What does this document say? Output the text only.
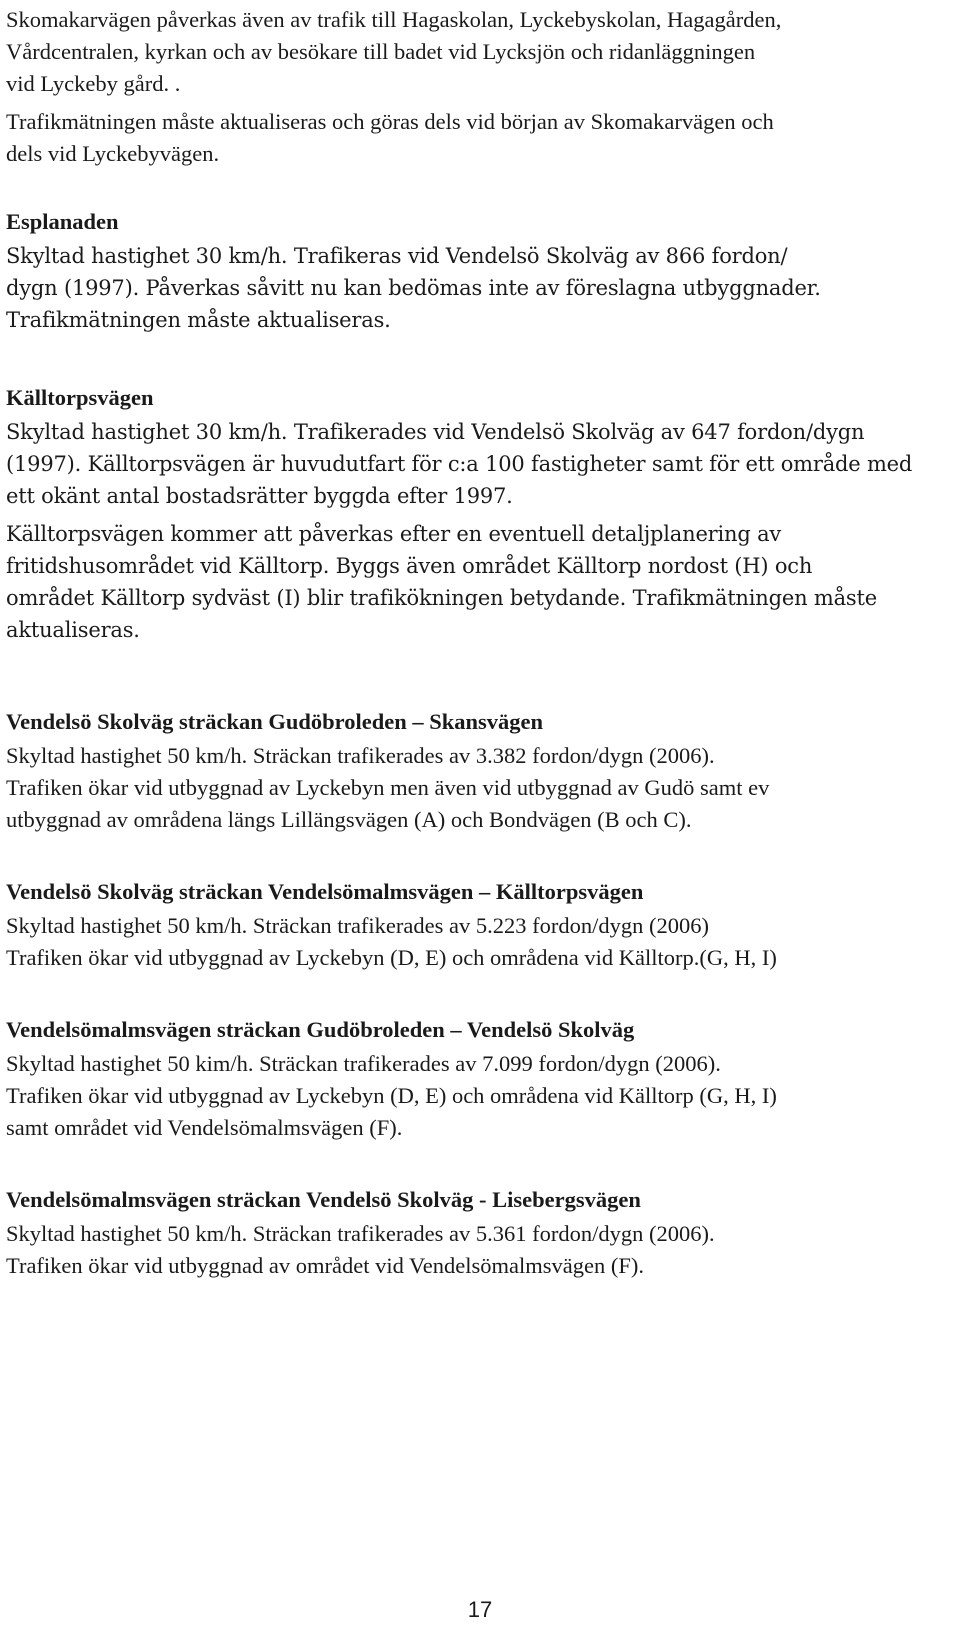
Skomakarvägen påverkas även av trafik till Hagaskolan, Lyckebyskolan, Hagagården,
Vårdcentralen, kyrkan och av besökare till badet vid Lycksjön och ridanläggningen
vid Lyckeby gård. .
Trafikmätningen måste aktualiseras och göras dels vid början av Skomakarvägen och
dels vid Lyckebyvägen.
Esplanaden
Skyltad hastighet 30 km/h. Trafikeras vid Vendelsö Skolväg av 866 fordon/
dygn (1997). Påverkas såvitt nu kan bedömas inte av föreslagna utbyggnader.
Trafikmätningen måste aktualiseras.
Källtorpsvägen
Skyltad hastighet 30 km/h. Trafikerades vid Vendelsö Skolväg av 647 fordon/dygn
(1997). Källtorpsvägen är huvudutfart för c:a 100 fastigheter samt för ett område med
ett okänt antal bostadsrätter byggda efter 1997.
Källtorpsvägen kommer att påverkas efter en eventuell detaljplanering av
fritidshusområdet vid Källtorp. Byggs även området Källtorp nordost (H) och
området Källtorp sydväst (I) blir trafikökningen betydande. Trafikmätningen måste
aktualiseras.
Vendelsö Skolväg sträckan Gudöbroleden – Skansvägen
Skyltad hastighet 50 km/h. Sträckan trafikerades av 3.382 fordon/dygn (2006).
Trafiken ökar vid utbyggnad av Lyckebyn men även vid utbyggnad av Gudö samt ev
utbyggnad av områdena längs Lillängsvägen (A) och Bondvägen (B och C).
Vendelsö Skolväg sträckan Vendelsömalmsvägen – Källtorpsvägen
Skyltad hastighet 50 km/h. Sträckan trafikerades av 5.223 fordon/dygn (2006)
Trafiken ökar vid utbyggnad av Lyckebyn (D, E) och områdena vid Källtorp.(G, H, I)
Vendelsömalmsvägen sträckan Gudöbroleden – Vendelsö Skolväg
Skyltad hastighet 50 kim/h. Sträckan trafikerades av 7.099 fordon/dygn (2006).
Trafiken ökar vid utbyggnad av Lyckebyn (D, E) och områdena vid Källtorp (G, H, I)
samt området vid Vendelsömalmsvägen (F).
Vendelsömalmsvägen sträckan Vendelsö Skolväg - Lisebergsvägen
Skyltad hastighet 50 km/h. Sträckan trafikerades av 5.361 fordon/dygn (2006).
Trafiken ökar vid utbyggnad av området vid Vendelsömalmsvägen (F).
17
